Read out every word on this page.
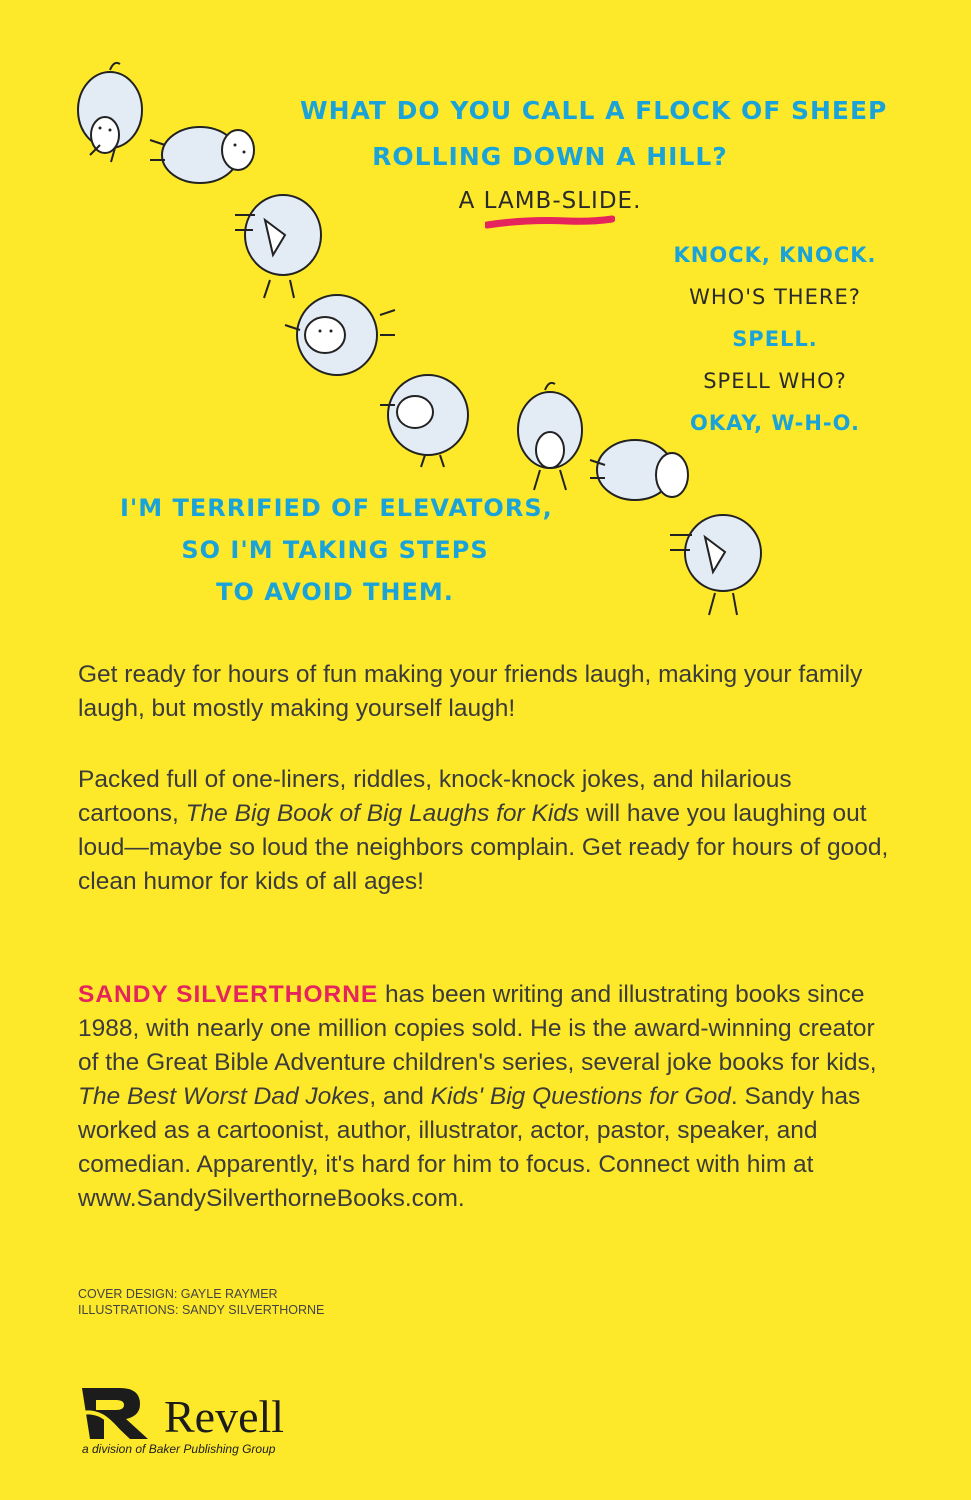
WHAT DO YOU CALL A FLOCK OF SHEEP
ROLLING DOWN A HILL?
A LAMB-SLIDE.
KNOCK, KNOCK.
WHO'S THERE?
SPELL.
SPELL WHO?
OKAY, W-H-O.
I'M TERRIFIED OF ELEVATORS,
SO I'M TAKING STEPS
TO AVOID THEM.

Get ready for hours of fun making your friends laugh, making your family laugh, but mostly making yourself laugh!

Packed full of one-liners, riddles, knock-knock jokes, and hilarious cartoons, The Big Book of Big Laughs for Kids will have you laughing out loud—maybe so loud the neighbors complain. Get ready for hours of good, clean humor for kids of all ages!

SANDY SILVERTHORNE has been writing and illustrating books since 1988, with nearly one million copies sold. He is the award-winning creator of the Great Bible Adventure children's series, several joke books for kids, The Best Worst Dad Jokes, and Kids' Big Questions for God. Sandy has worked as a cartoonist, author, illustrator, actor, pastor, speaker, and comedian. Apparently, it's hard for him to focus. Connect with him at www.SandySilverthorneBooks.com.

COVER DESIGN: GAYLE RAYMER
ILLUSTRATIONS: SANDY SILVERTHORNE
Revell
a division of Baker Publishing Group
